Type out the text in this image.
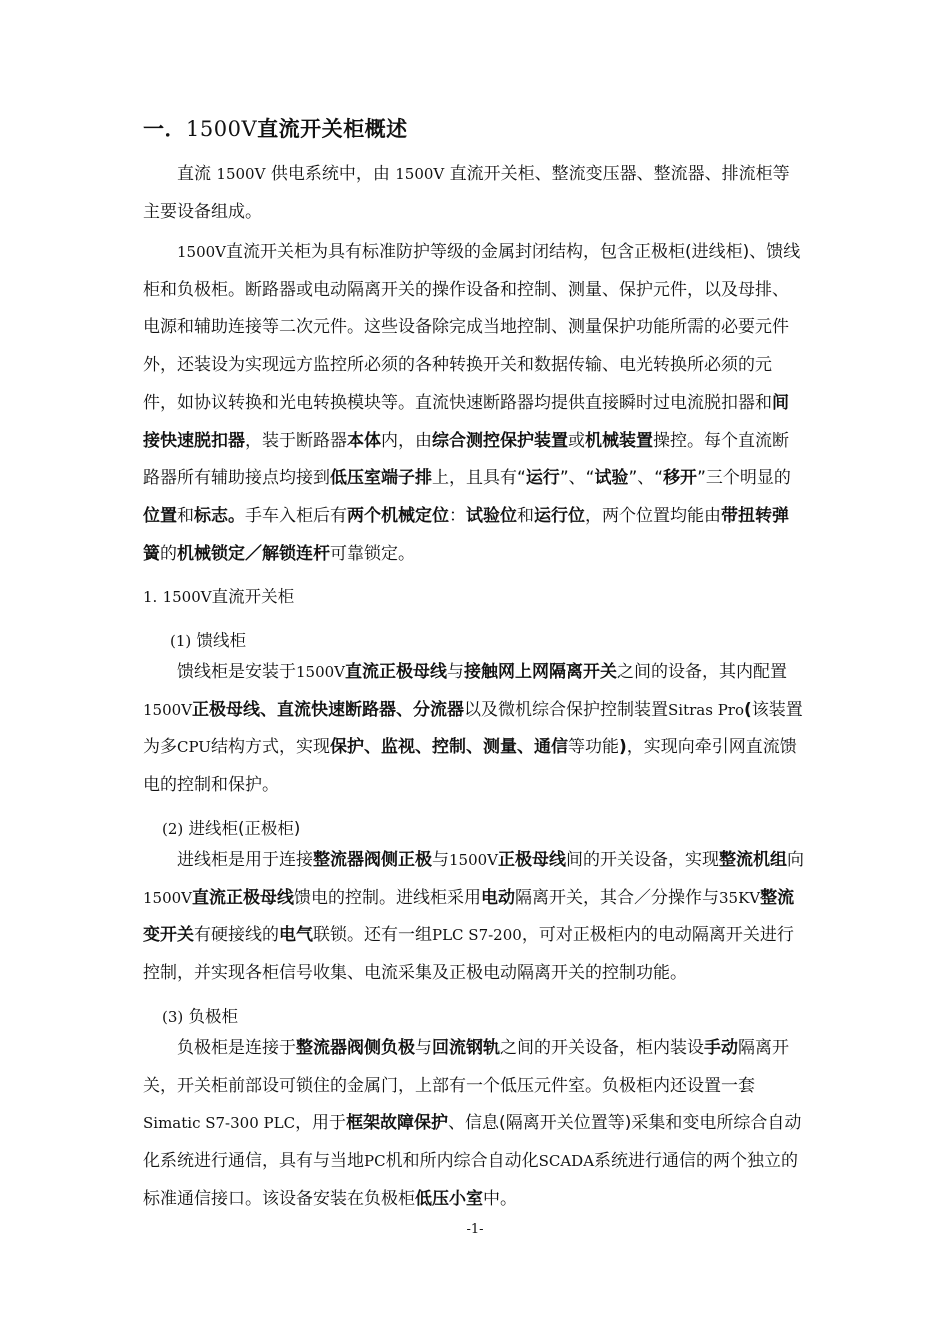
一．1500V直流开关柜概述

直流 1500V 供电系统中，由 1500V 直流开关柜、整流变压器、整流器、排流柜等主要设备组成。

1500V直流开关柜为具有标准防护等级的金属封闭结构，包含正极柜(进线柜)、馈线柜和负极柜。断路器或电动隔离开关的操作设备和控制、测量、保护元件，以及母排、电源和辅助连接等二次元件。这些设备除完成当地控制、测量保护功能所需的必要元件外，还装设为实现远方监控所必须的各种转换开关和数据传输、电光转换所必须的元件，如协议转换和光电转换模块等。直流快速断路器均提供直接瞬时过电流脱扣器和间接快速脱扣器，装于断路器本体内，由综合测控保护装置或机械装置操控。每个直流断路器所有辅助接点均接到低压室端子排上，且具有“运行”、“试验”、“移开”三个明显的位置和标志。手车入柜后有两个机械定位：试验位和运行位，两个位置均能由带扭转弹簧的机械锁定／解锁连杆可靠锁定。

1. 1500V直流开关柜
(1) 馈线柜

馈线柜是安装于1500V直流正极母线与接触网上网隔离开关之间的设备，其内配置1500V正极母线、直流快速断路器、分流器以及微机综合保护控制装置Sitras Pro(该装置为多CPU结构方式，实现保护、监视、控制、测量、通信等功能)，实现向牵引网直流馈电的控制和保护。

(2) 进线柜(正极柜)

进线柜是用于连接整流器阀侧正极与1500V正极母线间的开关设备，实现整流机组向1500V直流正极母线馈电的控制。进线柜采用电动隔离开关，其合／分操作与35KV整流变开关有硬接线的电气联锁。还有一组PLC S7-200，可对正极柜内的电动隔离开关进行控制，并实现各柜信号收集、电流采集及正极电动隔离开关的控制功能。

(3) 负极柜

负极柜是连接于整流器阀侧负极与回流钢轨之间的开关设备，柜内装设手动隔离开关，开关柜前部设可锁住的金属门，上部有一个低压元件室。负极柜内还设置一套Simatic S7-300 PLC，用于框架故障保护、信息(隔离开关位置等)采集和变电所综合自动化系统进行通信，具有与当地PC机和所内综合自动化SCADA系统进行通信的两个独立的标准通信接口。该设备安装在负极柜低压小室中。

-1-
